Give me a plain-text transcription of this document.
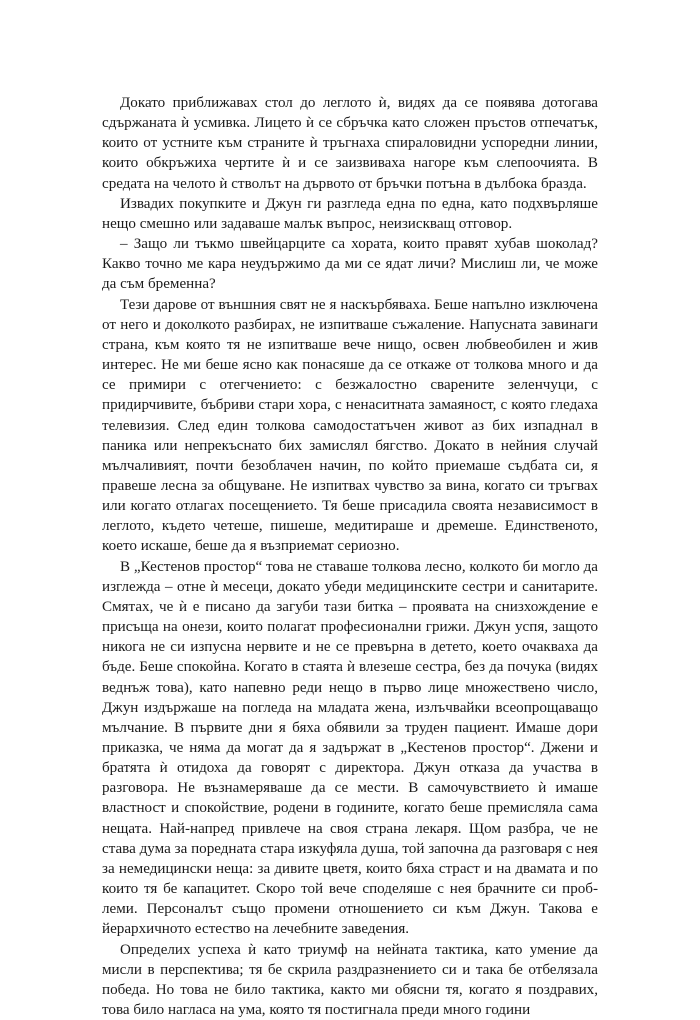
Докато приближавах стол до леглото ѝ, видях да се появява дотогава сдържаната ѝ усмивка. Лицето ѝ се сбръчка като сложен пръстов отпечатък, които от устните към страните ѝ тръгнаха спираловидни успоредни линии, които обкръжиха чертите ѝ и се заизвиваха нагоре към слепоочията. В средата на челото ѝ стволът на дървото от бръчки потъна в дълбока бразда.

Извадих покупките и Джун ги разгледа една по една, като подхвърляше нещо смешно или задаваше малък въпрос, неизискващ отговор.

– Защо ли тъкмо швейцарците са хората, които правят хубав шоколад? Какво точно ме кара неудържимо да ми се ядат личи? Мислиш ли, че може да съм бременна?

Тези дарове от външния свят не я наскърбяваха. Беше напълно изключена от него и доколкото разбирах, не изпитваше съжаление. Напусната завинаги страна, към която тя не изпитваше вече нищо, освен любвеобилен и жив интерес. Не ми беше ясно как понасяше да се откаже от толкова много и да се примири с отегчението: с безжалостно сварените зеленчуци, с придирчивите, бъбриви стари хора, с ненаситната замаяност, с която гледаха телевизия. След един толкова самодостатъчен живот аз бих изпаднал в паника или непрекъснато бих замислял бягство. Докато в нейния случай мълчаливият, почти безоблачен начин, по който приемаше съдбата си, я правеше лесна за общуване. Не изпитвах чувство за вина, когато си тръгвах или когато отлагах посещението. Тя беше присадила своята независимост в леглото, където четеше, пишеше, медитираше и дремеше. Единственото, което искаше, беше да я възприемат сериозно.

В „Кестенов простор“ това не ставаше толкова лесно, колкото би могло да изглежда – отне ѝ месеци, докато убеди медицинските сестри и санитарите. Смятах, че ѝ е писано да загуби тази битка – проявата на снизхождение е присъща на онези, които полагат професионални грижи. Джун успя, защото никога не си изпусна нервите и не се превърна в детето, което очакваха да бъде. Беше спокойна. Когато в стаята ѝ влезеше сестра, без да почука (видях веднъж това), като напевно реди нещо в първо лице множествено число, Джун издържаше на погледа на младата жена, излъчвайки всеопрощаващо мълчание. В първите дни я бяха обявили за труден пациент. Имаше дори приказка, че няма да могат да я задържат в „Кестенов простор“. Джени и братята ѝ отидоха да говорят с директора. Джун отказа да участва в разговора. Не възнамеряваше да се мести. В самочувствието ѝ имаше властност и спокойствие, родени в годините, когато беше премисляла сама нещата. Най-напред привлече на своя страна лекаря. Щом разбра, че не става дума за поредната стара изкуфяла душа, той започна да разговаря с нея за немедицински неща: за дивите цветя, които бяха страст и на двамата и по които тя бе капацитет. Скоро той вече споделяше с нея брачните си проб-леми. Персоналът също промени отношението си към Джун. Такова е йерархичното естество на лечебните заведения.

Определих успеха ѝ като триумф на нейната тактика, като умение да мисли в перспектива; тя бе скрила раздразнението си и така бе отбелязала победа. Но това не било тактика, както ми обясни тя, когато я поздравих, това било нагласа на ума, която тя постигнала преди много години
